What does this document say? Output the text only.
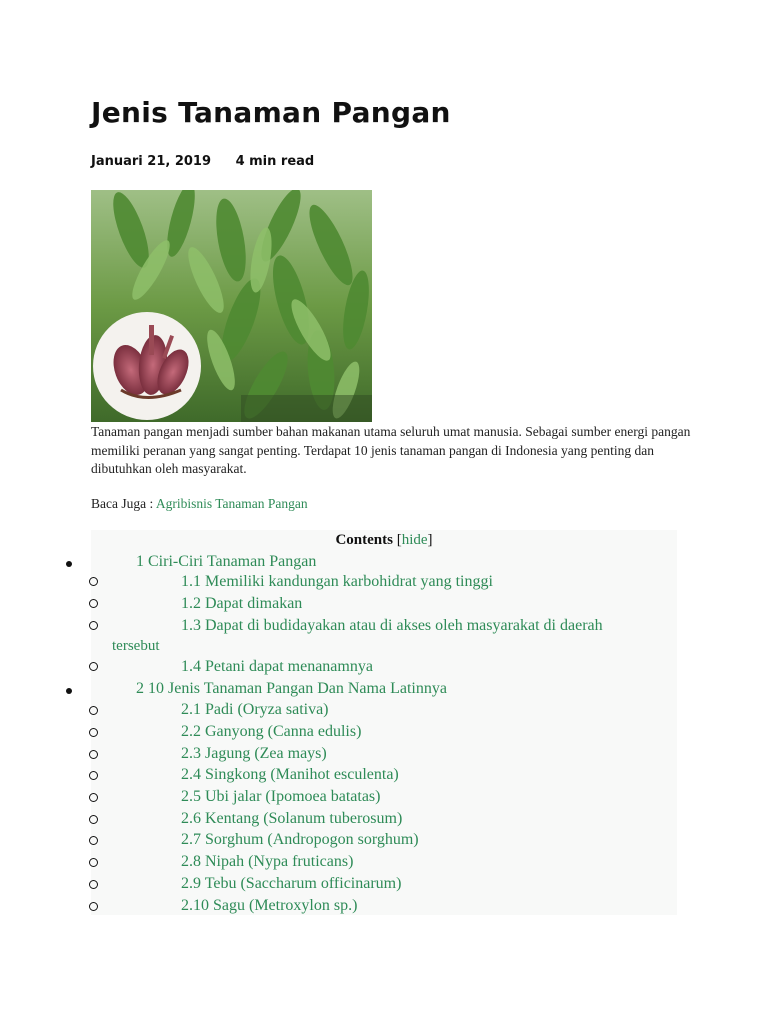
Jenis Tanaman Pangan
Januari 21, 2019 4 min read

Tanaman pangan menjadi sumber bahan makanan utama seluruh umat manusia. Sebagai sumber energi pangan memiliki peranan yang sangat penting. Terdapat 10 jenis tanaman pangan di Indonesia yang penting dan dibutuhkan oleh masyarakat.

Baca Juga : Agribisnis Tanaman Pangan
Contents [hide]
1 Ciri-Ciri Tanaman Pangan
1.1 Memiliki kandungan karbohidrat yang tinggi
1.2 Dapat dimakan
1.3 Dapat di budidayakan atau di akses oleh masyarakat di daerah
tersebut
1.4 Petani dapat menanamnya
2 10 Jenis Tanaman Pangan Dan Nama Latinnya
2.1 Padi (Oryza sativa)
2.2 Ganyong (Canna edulis)
2.3 Jagung (Zea mays)
2.4 Singkong (Manihot esculenta)
2.5 Ubi jalar (Ipomoea batatas)
2.6 Kentang (Solanum tuberosum)
2.7 Sorghum (Andropogon sorghum)
2.8 Nipah (Nypa fruticans)
2.9 Tebu (Saccharum officinarum)
2.10 Sagu (Metroxylon sp.)
